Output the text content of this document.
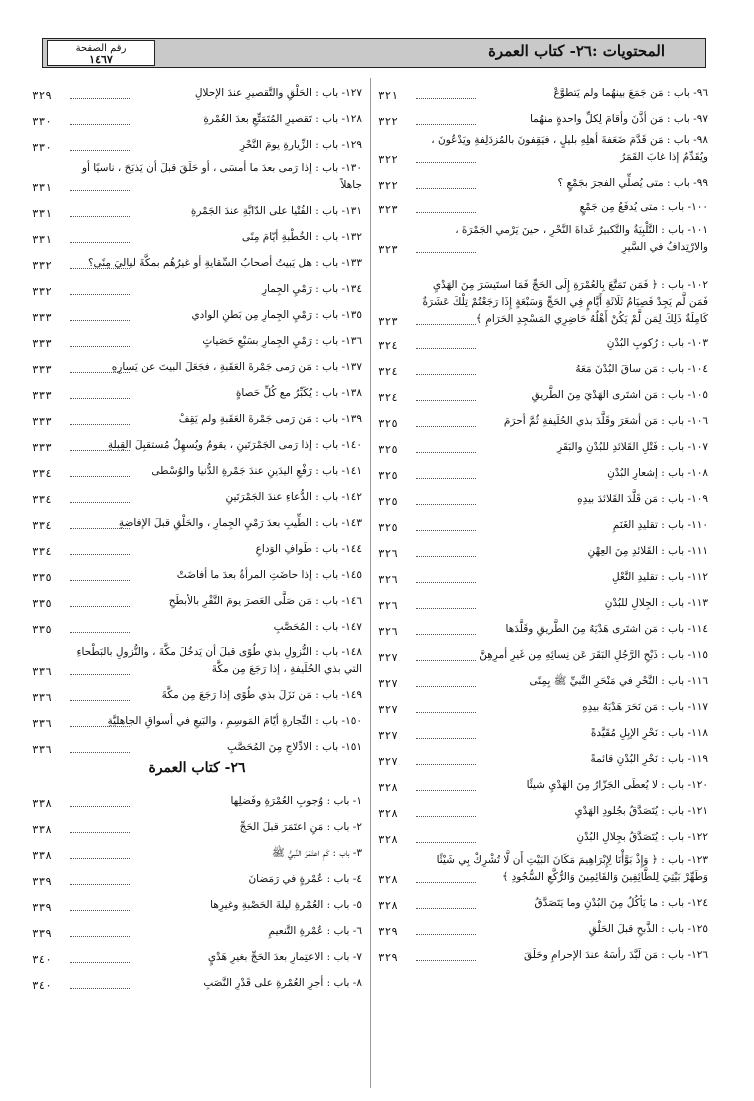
المحتويات :٢٦- كتاب العمرة
رقم الصفحة
١٤٦٧
٩٦- باب : مَن جَمَعَ بينهُما ولم يَتطوَّعْ
٣٢١
٩٧- باب : مَن أذَّنَ وأقامَ لِكلِّ واحدةٍ منهُما
٣٢٢
٩٨- باب : مَن قَدَّمَ ضَعَفةَ أهلِهِ بليلٍ ، فيَقِفونَ بالمُزدَلِفةِ ويَدْعُونَ ، ويُقَدِّمُ إذا غابَ القَمَرُ
٣٢٢
٩٩- باب : متى يُصلِّي الفجرَ بجَمْعٍ ؟
٣٢٢
١٠٠- باب : متى يُدفَعُ مِن جَمْعٍ
٣٢٣
١٠١- باب : التَّلْبِيَةُ والتَّكبيرُ غَداةَ النَّحْرِ ، حينَ يَرْمي الجَمْرَةَ ، والارْتِدافُ في السَّيرِ
٣٢٣
١٠٢- باب : ﴿ فَمَن تَمَتَّعَ بِالعُمْرَةِ إِلَى الحَجِّ فَمَا استَيسَرَ مِنَ الهَدْيِ فَمَن لَّم يَجِدْ فَصِيَامُ ثَلَاثَةِ أَيَّامٍ فِي الحَجِّ وَسَبْعَةٍ إِذَا رَجَعْتُمْ تِلْكَ عَشَرَةٌ كَامِلَةٌ ذَلِكَ لِمَن لَّمْ يَكُنْ أَهْلُهُ حَاضِرِي المَسْجِدِ الحَرَامِ ﴾
٣٢٣
١٠٣- باب : رُكوبِ البُدْنِ
٣٢٤
١٠٤- باب : مَن ساقَ البُدْنَ مَعَهُ
٣٢٤
١٠٥- باب : مَن اشتَرى الهَدْيَ مِنَ الطَّريقِ
٣٢٤
١٠٦- باب : مَن أشعَرَ وقَلَّدَ بذي الحُلَيفةِ ثُمَّ أحرَمَ
٣٢٥
١٠٧- باب : فَتْلِ القَلائدِ للبُدْنِ والبَقَرِ
٣٢٥
١٠٨- باب : إشعارِ البُدْنِ
٣٢٥
١٠٩- باب : مَن قَلَّدَ القَلائدَ بيدِهِ
٣٢٥
١١٠- باب : تقليدِ الغَنَمِ
٣٢٥
١١١- باب : القَلائدِ مِنَ العِهْنِ
٣٢٦
١١٢- باب : تقليدِ النَّعْلِ
٣٢٦
١١٣- باب : الجِلالِ للبُدْنِ
٣٢٦
١١٤- باب : مَن اشتَرى هَدْيَهُ مِنَ الطَّريقِ وقَلَّدَها
٣٢٦
١١٥- باب : ذَبْحِ الرَّجُلِ البَقَرَ عَن نِسائِهِ مِن غَيرِ أمرِهِنَّ
٣٢٧
١١٦- باب : النَّحْرِ في مَنْحَرِ النَّبيِّ ﷺ بِمِنًى
٣٢٧
١١٧- باب : مَن نَحَرَ هَدْيَهُ بيدِهِ
٣٢٧
١١٨- باب : نَحْرِ الإبِلِ مُقَيَّدةً
٣٢٧
١١٩- باب : نَحْرِ البُدْنِ قائمةً
٣٢٧
١٢٠- باب : لا يُعطَى الجَزّارُ مِنَ الهَدْيِ شيئًا
٣٢٨
١٢١- باب : يُتَصَدَّقُ بجُلودِ الهَدْيِ
٣٢٨
١٢٢- باب : يُتَصَدَّقُ بجِلالِ البُدْنِ
٣٢٨
١٢٣- باب : ﴿ وَإِذْ بَوَّأْنَا لِإِبْرَاهِيمَ مَكَانَ البَيْتِ أَن لَّا تُشْرِكْ بِي شَيْئًا وَطَهِّرْ بَيْتِيَ لِلطَّائِفِينَ وَالقَائِمِينَ وَالرُّكَّعِ السُّجُودِ ﴾
٣٢٨
١٢٤- باب : ما يَأكُلُ مِنَ البُدْنِ وما يَتَصَدَّقُ
٣٢٨
١٢٥- باب : الذَّبحِ قبلَ الحَلْقِ
٣٢٩
١٢٦- باب : مَن لَبَّدَ رأسَهُ عندَ الإحرامِ وحَلَقَ
٣٢٩
١٢٧- باب : الحَلْقِ والتَّقصيرِ عندَ الإحلالِ
٣٢٩
١٢٨- باب : تَقصيرِ المُتَمَتِّعِ بعدَ العُمْرةِ
٣٣٠
١٢٩- باب : الزِّيارةِ يومَ النَّحْرِ
٣٣٠
١٣٠- باب : إذا رَمى بعدَ ما أمسَى ، أو حَلَقَ قبلَ أن يَذبَحَ ، ناسيًا أو جاهلاً
٣٣١
١٣١- باب : الفُتْيا على الدّابَّةِ عندَ الجَمْرةِ
٣٣١
١٣٢- باب : الخُطْبةِ أيّامَ مِنًى
٣٣١
١٣٣- باب : هل يَبيتُ أصحابُ السِّقايةِ أو غيرُهُم بمكَّةَ لياليَ مِنًى؟
٣٣٢
١٣٤- باب : رَمْيِ الجِمارِ
٣٣٢
١٣٥- باب : رَمْيِ الجِمارِ مِن بَطنِ الوادي
٣٣٣
١٣٦- باب : رَمْيِ الجِمارِ بسَبْعِ حَصَياتٍ
٣٣٣
١٣٧- باب : مَن رَمى جَمْرةَ العَقَبةِ ، فجَعَلَ البيتَ عن يَسارِهِ
٣٣٣
١٣٨- باب : يُكَبِّرُ مع كُلِّ حَصاةٍ
٣٣٣
١٣٩- باب : مَن رَمى جَمْرةَ العَقَبةِ ولم يَقِفْ
٣٣٣
١٤٠- باب : إذا رَمى الجَمْرَتَينِ ، يقومُ ويُسهِلُ مُستقبِلَ القِبلةِ
٣٣٣
١٤١- باب : رَفْعِ اليدَينِ عندَ جَمْرةِ الدُّنيا والوُسْطى
٣٣٤
١٤٢- باب : الدُّعاءِ عندَ الجَمْرَتَينِ
٣٣٤
١٤٣- باب : الطِّيبِ بعدَ رَمْيِ الجِمارِ ، والحَلْقِ قبلَ الإفاضةِ
٣٣٤
١٤٤- باب : طَوافِ الوَداعِ
٣٣٤
١٤٥- باب : إذا حاضَتِ المرأةُ بعدَ ما أفاضَتْ
٣٣٥
١٤٦- باب : مَن صَلَّى العَصرَ يومَ النَّفْرِ بالأبطَحِ
٣٣٥
١٤٧- باب : المُحَصَّبِ
٣٣٥
١٤٨- باب : النُّزولِ بذي طُوًى قبلَ أن يَدخُلَ مكَّةَ ، والنُّزولِ بالبَطْحاءِ التي بذي الحُلَيفةِ ، إذا رَجَعَ مِن مكَّةَ
٣٣٦
١٤٩- باب : مَن نَزَلَ بذي طُوًى إذا رَجَعَ مِن مكَّةَ
٣٣٦
١٥٠- باب : التِّجارةِ أيّامَ المَوسِمِ ، والبَيعِ في أسواقِ الجاهليَّةِ
٣٣٦
١٥١- باب : الادِّلاجِ مِنَ المُحَصَّبِ
٣٣٦
٢٦- كتاب العمرة
١- باب : وُجوبِ العُمْرَةِ وفَضلِها
٣٣٨
٢- باب : مَنِ اعتَمَرَ قبلَ الحَجِّ
٣٣٨
٣- باب : كَمِ اعتَمَرَ النَّبيُّ ﷺ
٣٣٨
٤- باب : عُمْرةٍ في رَمَضانَ
٣٣٩
٥- باب : العُمْرةِ ليلةَ الحَصْبةِ وغيرِها
٣٣٩
٦- باب : عُمْرةِ التَّنعيمِ
٣٣٩
٧- باب : الاعتِمارِ بعدَ الحَجِّ بغيرِ هَدْيٍ
٣٤٠
٨- باب : أجرِ العُمْرةِ على قَدْرِ النَّصَبِ
٣٤٠
